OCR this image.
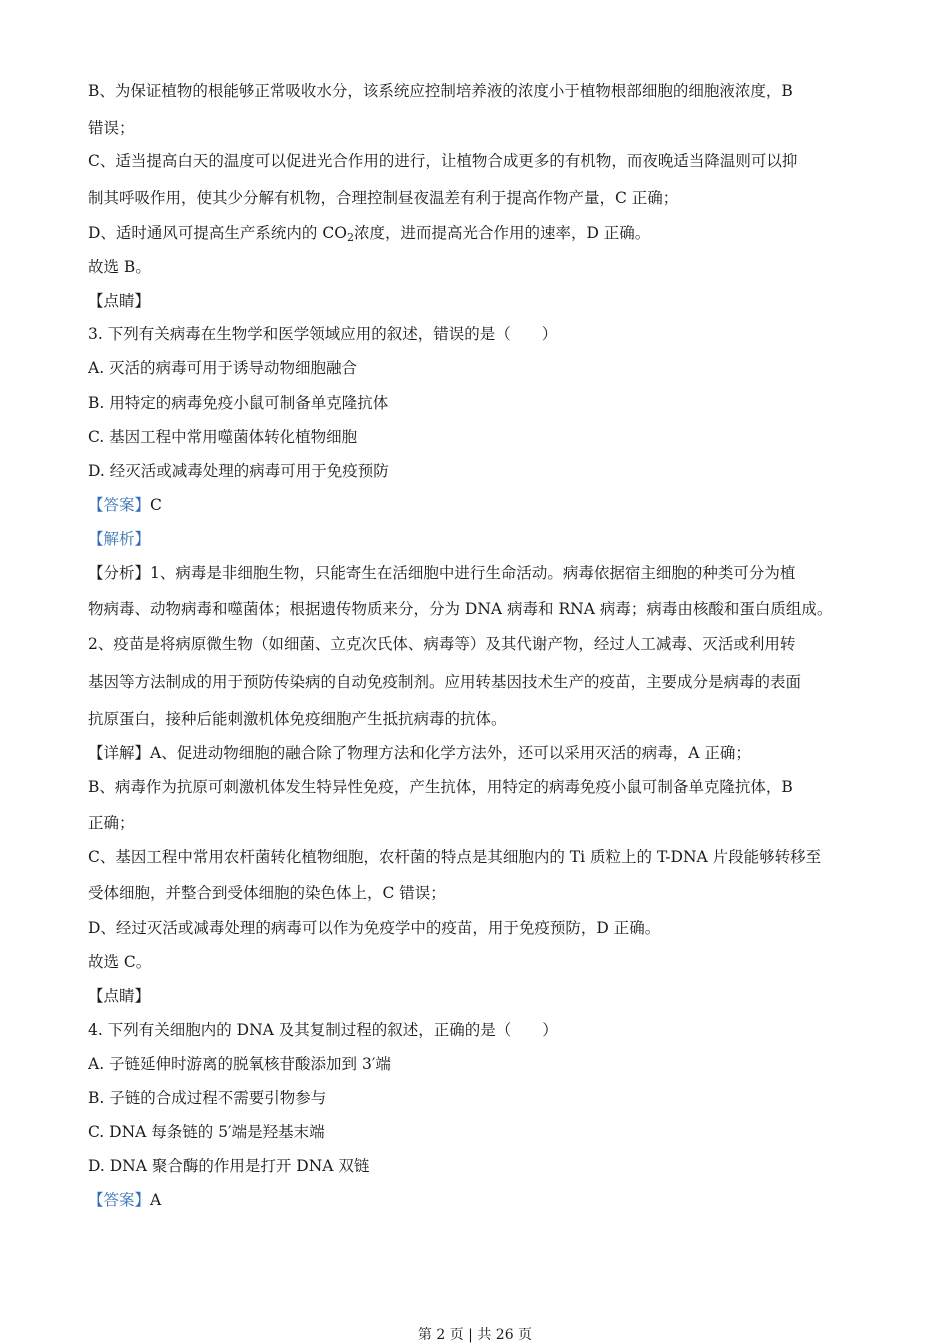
B、为保证植物的根能够正常吸收水分，该系统应控制培养液的浓度小于植物根部细胞的细胞液浓度，B
错误；
C、适当提高白天的温度可以促进光合作用的进行，让植物合成更多的有机物，而夜晚适当降温则可以抑
制其呼吸作用，使其少分解有机物，合理控制昼夜温差有利于提高作物产量，C 正确；
D、适时通风可提高生产系统内的 $CO_2$浓度，进而提高光合作用的速率，D 正确。
故选 B。
【点睛】
3. 下列有关病毒在生物学和医学领域应用的叙述，错误的是（　　）
A. 灭活的病毒可用于诱导动物细胞融合
B. 用特定的病毒免疫小鼠可制备单克隆抗体
C. 基因工程中常用噬菌体转化植物细胞
D. 经灭活或减毒处理的病毒可用于免疫预防
【答案】C
【解析】
【分析】1、病毒是非细胞生物，只能寄生在活细胞中进行生命活动。病毒依据宿主细胞的种类可分为植
物病毒、动物病毒和噬菌体；根据遗传物质来分，分为 DNA 病毒和 RNA 病毒；病毒由核酸和蛋白质组成。
2、疫苗是将病原微生物（如细菌、立克次氏体、病毒等）及其代谢产物，经过人工减毒、灭活或利用转
基因等方法制成的用于预防传染病的自动免疫制剂。应用转基因技术生产的疫苗，主要成分是病毒的表面
抗原蛋白，接种后能刺激机体免疫细胞产生抵抗病毒的抗体。
【详解】A、促进动物细胞的融合除了物理方法和化学方法外，还可以采用灭活的病毒，A 正确；
B、病毒作为抗原可刺激机体发生特异性免疫，产生抗体，用特定的病毒免疫小鼠可制备单克隆抗体，B
正确；
C、基因工程中常用农杆菌转化植物细胞，农杆菌的特点是其细胞内的 Ti 质粒上的 T-DNA 片段能够转移至
受体细胞，并整合到受体细胞的染色体上，C 错误；
D、经过灭活或减毒处理的病毒可以作为免疫学中的疫苗，用于免疫预防，D 正确。
故选 C。
【点睛】
4. 下列有关细胞内的 DNA 及其复制过程的叙述，正确的是（　　）
A. 子链延伸时游离的脱氧核苷酸添加到 3′端
B. 子链的合成过程不需要引物参与
C. DNA 每条链的 5′端是羟基末端
D. DNA 聚合酶的作用是打开 DNA 双链
【答案】A
第 2 页 | 共 26 页
